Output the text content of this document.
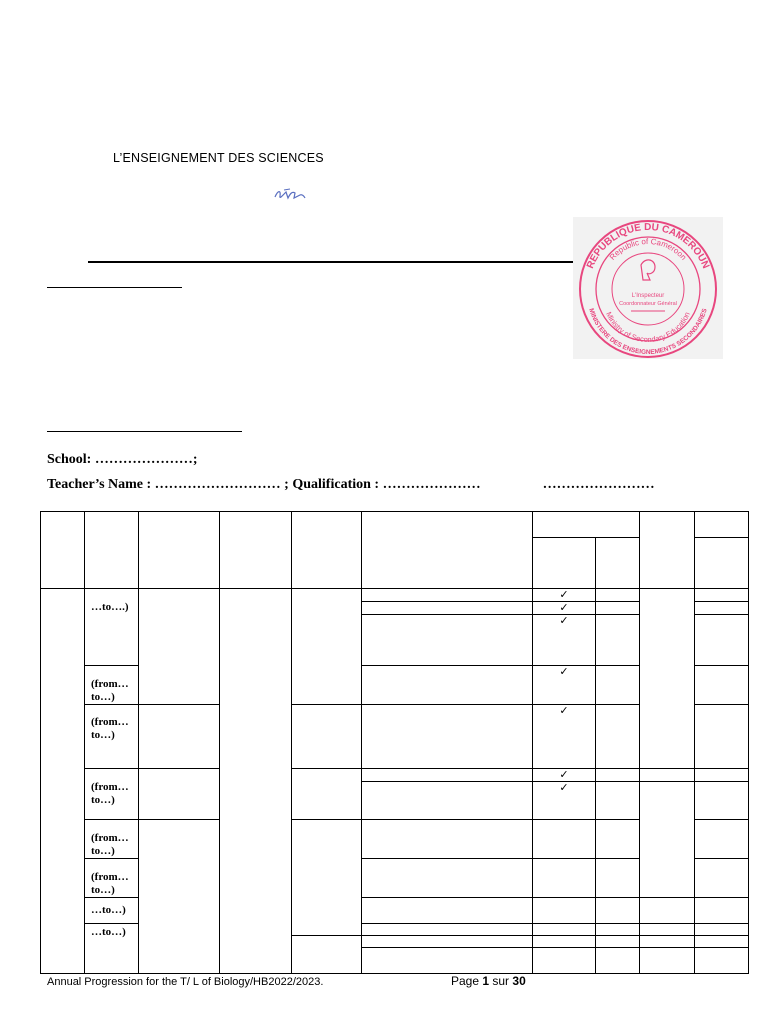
L’ENSEIGNEMENT DES SCIENCES
REPUBLIQUE DU CAMEROUN
Republic of Cameroon
MINISTERE DES ENSEIGNEMENTS SECONDAIRES
Ministry of Secondary Education
L'Inspecteur
Coordonnateur Général
School: …………………;
Teacher’s Name : ……………………… ; Qualification : …………………	……………………

	…to….)					✓			
						✓			
						✓			
	(from… to…)					✓			
	(from… to…)					✓			
	(from… to…)					✓			
						✓			
	(from… to…)								
	(from… to…)								
	…to…)								
	…to…)								

Annual Progression for the T/ L of Biology/HB2022/2023.	Page 1 sur 30
